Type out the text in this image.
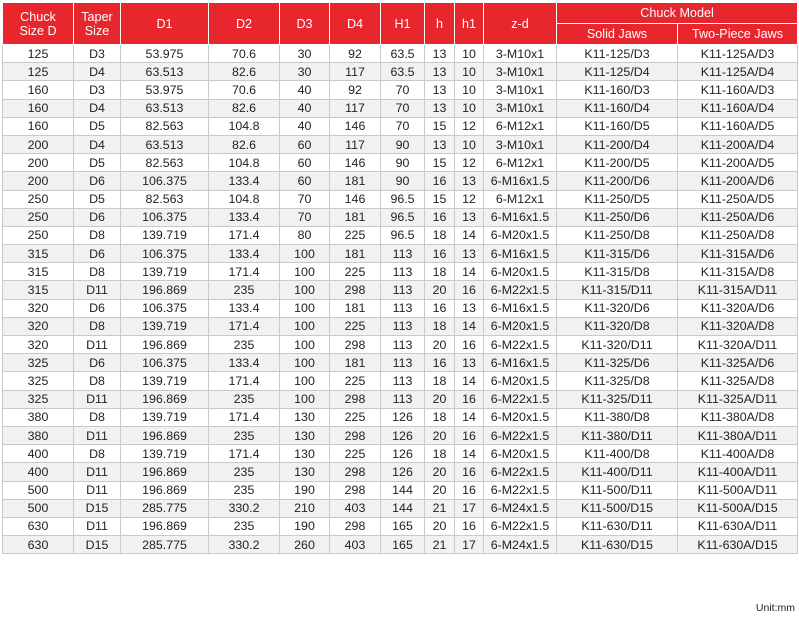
Chuck Size D	Taper Size	D1	D2	D3	D4	H1	h	h1	z-d	Chuck Model	
										Solid Jaws	Two-Piece Jaws
125	D3	53.975	70.6	30	92	63.5	13	10	3-M10x1	K11-125/D3	K11-125A/D3
125	D4	63.513	82.6	30	117	63.5	13	10	3-M10x1	K11-125/D4	K11-125A/D4
160	D3	53.975	70.6	40	92	70	13	10	3-M10x1	K11-160/D3	K11-160A/D3
160	D4	63.513	82.6	40	117	70	13	10	3-M10x1	K11-160/D4	K11-160A/D4
160	D5	82.563	104.8	40	146	70	15	12	6-M12x1	K11-160/D5	K11-160A/D5
200	D4	63.513	82.6	60	117	90	13	10	3-M10x1	K11-200/D4	K11-200A/D4
200	D5	82.563	104.8	60	146	90	15	12	6-M12x1	K11-200/D5	K11-200A/D5
200	D6	106.375	133.4	60	181	90	16	13	6-M16x1.5	K11-200/D6	K11-200A/D6
250	D5	82.563	104.8	70	146	96.5	15	12	6-M12x1	K11-250/D5	K11-250A/D5
250	D6	106.375	133.4	70	181	96.5	16	13	6-M16x1.5	K11-250/D6	K11-250A/D6
250	D8	139.719	171.4	80	225	96.5	18	14	6-M20x1.5	K11-250/D8	K11-250A/D8
315	D6	106.375	133.4	100	181	113	16	13	6-M16x1.5	K11-315/D6	K11-315A/D6
315	D8	139.719	171.4	100	225	113	18	14	6-M20x1.5	K11-315/D8	K11-315A/D8
315	D11	196.869	235	100	298	113	20	16	6-M22x1.5	K11-315/D11	K11-315A/D11
320	D6	106.375	133.4	100	181	113	16	13	6-M16x1.5	K11-320/D6	K11-320A/D6
320	D8	139.719	171.4	100	225	113	18	14	6-M20x1.5	K11-320/D8	K11-320A/D8
320	D11	196.869	235	100	298	113	20	16	6-M22x1.5	K11-320/D11	K11-320A/D11
325	D6	106.375	133.4	100	181	113	16	13	6-M16x1.5	K11-325/D6	K11-325A/D6
325	D8	139.719	171.4	100	225	113	18	14	6-M20x1.5	K11-325/D8	K11-325A/D8
325	D11	196.869	235	100	298	113	20	16	6-M22x1.5	K11-325/D11	K11-325A/D11
380	D8	139.719	171.4	130	225	126	18	14	6-M20x1.5	K11-380/D8	K11-380A/D8
380	D11	196.869	235	130	298	126	20	16	6-M22x1.5	K11-380/D11	K11-380A/D11
400	D8	139.719	171.4	130	225	126	18	14	6-M20x1.5	K11-400/D8	K11-400A/D8
400	D11	196.869	235	130	298	126	20	16	6-M22x1.5	K11-400/D11	K11-400A/D11
500	D11	196.869	235	190	298	144	20	16	6-M22x1.5	K11-500/D11	K11-500A/D11
500	D15	285.775	330.2	210	403	144	21	17	6-M24x1.5	K11-500/D15	K11-500A/D15
630	D11	196.869	235	190	298	165	20	16	6-M22x1.5	K11-630/D11	K11-630A/D11
630	D15	285.775	330.2	260	403	165	21	17	6-M24x1.5	K11-630/D15	K11-630A/D15
Unit:mm
